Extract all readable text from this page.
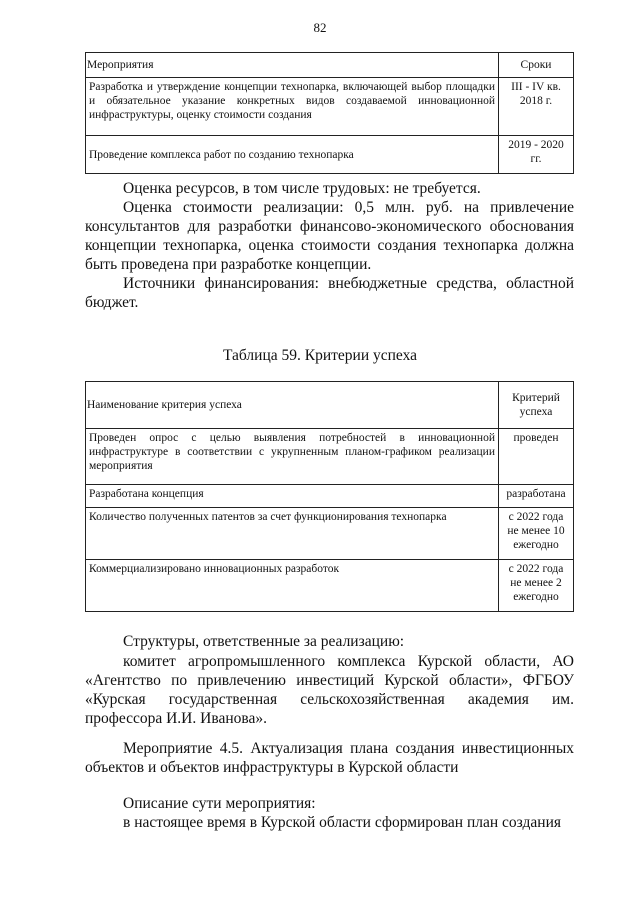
82
Мероприятия	Сроки
Разработка и утверждение концепции технопарка, включающей выбор площадки и обязательное указание конкретных видов создаваемой инновационной инфраструктуры, оценку стоимости создания	III - IV кв. 2018 г.
Проведение комплекса работ по созданию технопарка	2019 - 2020 гг.

Оценка ресурсов, в том числе трудовых: не требуется.

Оценка стоимости реализации: 0,5 млн. руб. на привлечение консультантов для разработки финансово-экономического обоснования концепции технопарка, оценка стоимости создания технопарка должна быть проведена при разработке концепции.

Источники финансирования: внебюджетные средства, областной бюджет.

Таблица 59. Критерии успеха
Наименование критерия успеха	Критерий успеха
Проведен опрос с целью выявления потребностей в инновационной инфраструктуре в соответствии с укрупненным планом-графиком реализации мероприятия	проведен
Разработана концепция	разработана
Количество полученных патентов за счет функционирования технопарка	с 2022 года не менее 10 ежегодно
Коммерциализировано инновационных разработок	с 2022 года не менее 2 ежегодно

Структуры, ответственные за реализацию:

комитет агропромышленного комплекса Курской области, АО «Агентство по привлечению инвестиций Курской области», ФГБОУ «Курская государственная сельскохозяйственная академия им. профессора И.И. Иванова».

Мероприятие 4.5. Актуализация плана создания инвестиционных объектов и объектов инфраструктуры в Курской области

Описание сути мероприятия:

в настоящее время в Курской области сформирован план создания
